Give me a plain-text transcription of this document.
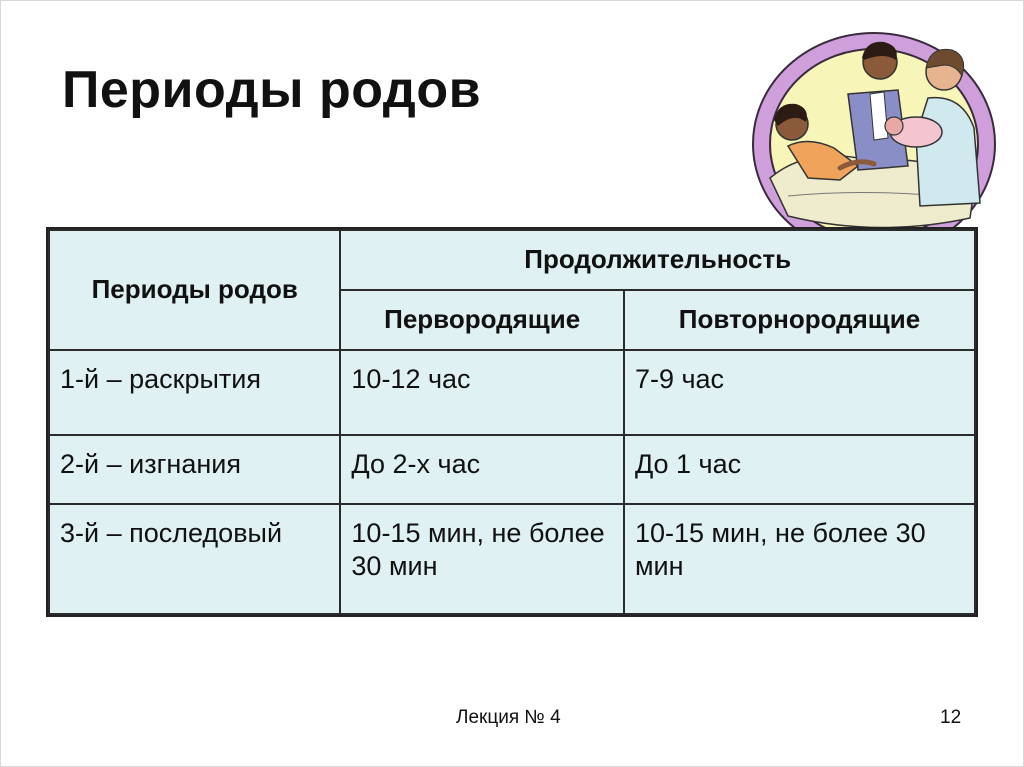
Периоды родов
Периоды родов	Продолжительность	
	Первородящие	Повторнородящие
1-й – раскрытия	10-12 час	7-9 час
2-й – изгнания	До 2-х час	До 1 час
3-й – последовый	10-15 мин, не более 30 мин	10-15 мин, не более 30 мин
Лекция № 4	12
